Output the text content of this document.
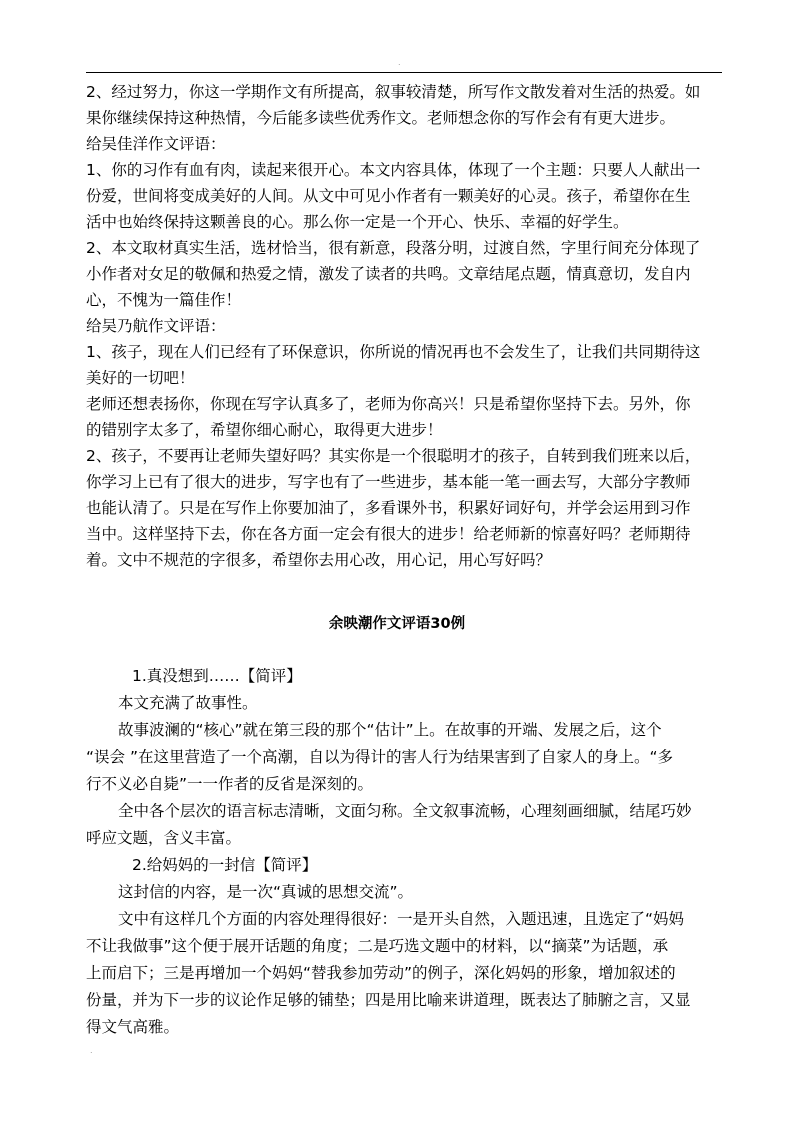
.

2、经过努力，你这一学期作文有所提高，叙事较清楚，所写作文散发着对生活的热爱。如

果你继续保持这种热情，今后能多读些优秀作文。老师想念你的写作会有有更大进步。

给吴佳洋作文评语：

1、你的习作有血有肉，读起来很开心。本文内容具体，体现了一个主题：只要人人献出一

份爱，世间将变成美好的人间。从文中可见小作者有一颗美好的心灵。孩子，希望你在生

活中也始终保持这颗善良的心。那么你一定是一个开心、快乐、幸福的好学生。

2、本文取材真实生活，选材恰当，很有新意，段落分明，过渡自然，字里行间充分体现了

小作者对女足的敬佩和热爱之情，激发了读者的共鸣。文章结尾点题，情真意切，发自内

心，不愧为一篇佳作！

给吴乃航作文评语：

1、孩子，现在人们已经有了环保意识，你所说的情况再也不会发生了，让我们共同期待这

美好的一切吧！

老师还想表扬你，你现在写字认真多了，老师为你高兴！只是希望你坚持下去。另外，你

的错别字太多了，希望你细心耐心，取得更大进步！

2、孩子，不要再让老师失望好吗？其实你是一个很聪明才的孩子，自转到我们班来以后，

你学习上已有了很大的进步，写字也有了一些进步，基本能一笔一画去写，大部分字教师

也能认清了。只是在写作上你要加油了，多看课外书，积累好词好句，并学会运用到习作

当中。这样坚持下去，你在各方面一定会有很大的进步！给老师新的惊喜好吗？老师期待

着。文中不规范的字很多，希望你去用心改，用心记，用心写好吗？

余映潮作文评语30例

1.真没想到……【简评】

本文充满了故事性。

故事波澜的“核心”就在第三段的那个“估计”上。在故事的开端、发展之后，这个

“误会 ”在这里营造了一个高潮，自以为得计的害人行为结果害到了自家人的身上。“多

行不义必自毙”一一作者的反省是深刻的。

全中各个层次的语言标志清晰，文面匀称。全文叙事流畅，心理刻画细腻，结尾巧妙

呼应文题，含义丰富。

2.给妈妈的一封信【简评】

这封信的内容，是一次“真诚的思想交流”。

文中有这样几个方面的内容处理得很好：一是开头自然，入题迅速，且选定了“妈妈

不让我做事”这个便于展开话题的角度；二是巧选文题中的材料，以“摘菜”为话题，承

上而启下；三是再增加一个妈妈“替我参加劳动”的例子，深化妈妈的形象，增加叙述的

份量，并为下一步的议论作足够的铺垫；四是用比喻来讲道理，既表达了肺腑之言，又显

得文气高雅。

.
